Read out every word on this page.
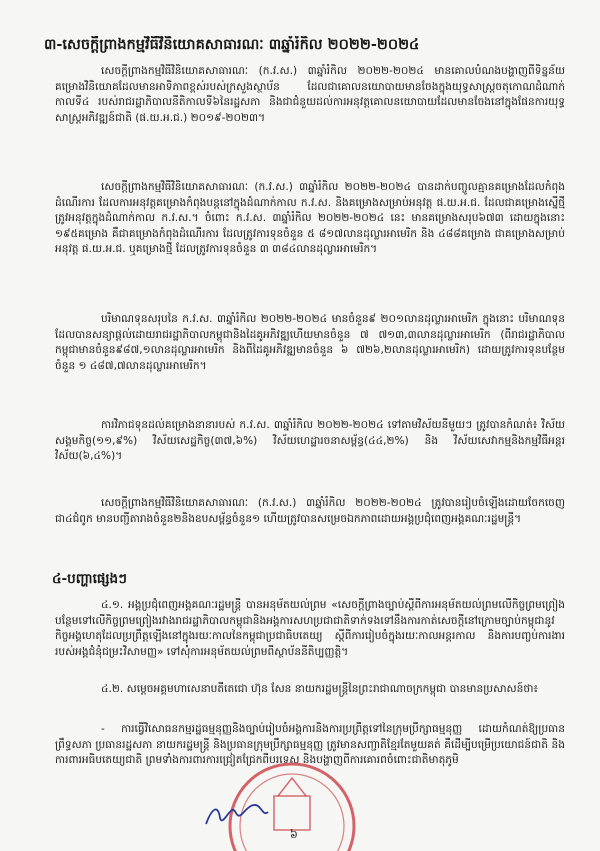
៣-សេចក្ដីព្រាងកម្មវិធីវិនិយោគសាធារណៈ ៣ឆ្នាំរំកិល ២០២២-២០២៤

សេចក្ដីព្រាងកម្មវិធីវិនិយោគសាធារណៈ (ក.វ.ស.) ៣ឆ្នាំរំកិល ២០២២-២០២៤ មានគោលបំណងបង្ហាញពីទិន្នន័យគម្រោងវិនិយោគដែលមានអាទិភាពខ្ពស់របស់ក្រសួងស្ថាប័ន ដែលជាគោលនយោបាយមានចែងក្នុងយុទ្ធសាស្ត្រចតុកោណដំណាក់កាលទី៤ របស់រាជរដ្ឋាភិបាលនីតិកាលទី៦នៃរដ្ឋសភា និងជាជំនួយដល់ការអនុវត្តគោលនយោបាយដែលមានចែងនៅក្នុងផែនការយុទ្ធសាស្ត្រអភិវឌ្ឍន៍ជាតិ (ផ.យ.អ.ជ.) ២០១៩-២០២៣។

សេចក្ដីព្រាងកម្មវិធីវិនិយោគសាធារណៈ (ក.វ.ស.) ៣ឆ្នាំរំកិល ២០២២-២០២៤ បានដាក់បញ្ចូលគ្មានគម្រោងដែលកំពុងដំណើរការ ដែលការអនុវត្តគម្រោងកំពុងបន្តនៅក្នុងដំណាក់កាល ក.វ.ស. និងគម្រោងសម្រាប់អនុវត្ត ផ.យ.អ.ជ. ដែលជាគម្រោងស្នើថ្មីត្រូវអនុវត្តក្នុងដំណាក់កាល ក.វ.ស.។ ចំពោះ ក.វ.ស. ៣ឆ្នាំរំកិល ២០២២-២០២៤ នេះ មានគម្រោងសរុប៦៧៣ ដោយក្នុងនោះ ១៩៥គម្រោង គឺជាគម្រោងកំពុងដំណើរការ ដែលត្រូវការទុនចំនួន ៥ ៨១៧លានដុល្លារអាមេរិក និង ៤៨៨គម្រោង ជាគម្រោងសម្រាប់អនុវត្ត ផ.យ.អ.ជ. ឬគម្រោងថ្មី ដែលត្រូវការទុនចំនួន ៣ ៣៨៤លានដុល្លារអាមេរិក។

បរិមាណទុនសរុបនៃ ក.វ.ស. ៣ឆ្នាំរំកិល ២០២២-២០២៤ មានចំនួន៩ ២០១លានដុល្លារអាមេរិក ក្នុងនោះ បរិមាណទុនដែលបានសន្យាផ្ដល់ដោយរាជរដ្ឋាភិបាលកម្ពុជានិងដៃគូអភិវឌ្ឍហើយមានចំនួន ៧ ៧១៣,៣លានដុល្លារអាមេរិក (ពីរាជរដ្ឋាភិបាលកម្ពុជាមានចំនួន៩៨៧,១លានដុល្លារអាមេរិក និងពីដៃគូអភិវឌ្ឍមានចំនួន ៦ ៧២៦,២លានដុល្លារអាមេរិក) ដោយត្រូវការទុនបន្ថែមចំនួន ១ ៤៨៧,៧លានដុល្លារអាមេរិក។

ការវិភាជទុនដល់គម្រោងនានារបស់ ក.វ.ស. ៣ឆ្នាំរំកិល ២០២២-២០២៤ ទៅតាមវិស័យនីមួយៗ ត្រូវបានកំណត់៖ វិស័យសង្គមកិច្ច(១១,៩%) វិស័យសេដ្ឋកិច្ច(៣៧,៦%) វិស័យហេដ្ឋារចនាសម្ព័ន្ធ(៤៤,២%) និង វិស័យសេវាកម្មនិងកម្មវិធីអន្តរវិស័យ(៦,៤%)។

សេចក្ដីព្រាងកម្មវិធីវិនិយោគសាធារណៈ (ក.វ.ស.) ៣ឆ្នាំរំកិល ២០២២-២០២៤ ត្រូវបានរៀបចំឡើងដោយចែកចេញជា៤ជំពូក មានបញ្ជីតារាងចំនួន២និងឧបសម្ព័ន្ធចំនួន១ ហើយត្រូវបានសម្រេចឯកភាពដោយអង្គប្រជុំពេញអង្គគណៈរដ្ឋមន្ត្រី។

៤-បញ្ហាផ្សេងៗ

៤.១. អង្គប្រជុំពេញអង្គគណៈរដ្ឋមន្ត្រី បានអនុម័តយល់ព្រម «សេចក្ដីព្រាងច្បាប់ស្ដីពីការអនុម័តយល់ព្រមលើកិច្ចព្រមព្រៀងបន្ថែមទៅលើកិច្ចព្រមព្រៀងរវាងរាជរដ្ឋាភិបាលកម្ពុជានិងអង្គការសហប្រជាជាតិទាក់ទងទៅនឹងការកាត់សេចក្ដីនៅក្រោមច្បាប់កម្ពុជានូវកិច្ចអង្គហេតុដែលប្រព្រឹត្តឡើងនៅក្នុងរយៈកាលនៃកម្ពុជាប្រជាធិបតេយ្យ ស្ដីពីការរៀបចំក្នុងរយៈកាលអន្តរកាល និងការបញ្ចប់ការងាររបស់អង្គជំនុំជម្រះវិសាមញ្ញ» ទៅសុំការអនុម័តយល់ព្រមពីស្ថាប័ននីតិប្បញ្ញត្តិ។

៤.២. សម្ដេចអគ្គមហាសេនាបតីតេជោ ហ៊ុន សែន នាយករដ្ឋមន្ត្រីនៃព្រះរាជាណាចក្រកម្ពុជា បានមានប្រសាសន៍ថា៖

- ការធ្វើវិសោធនកម្មរដ្ឋធម្មនុញ្ញនិងច្បាប់រៀបចំអង្គការនិងការប្រព្រឹត្តទៅនៃក្រុមប្រឹក្សាធម្មនុញ្ញ ដោយកំណត់ឱ្យប្រធានព្រឹទ្ធសភា ប្រធានរដ្ឋសភា នាយករដ្ឋមន្ត្រី និងប្រធានក្រុមប្រឹក្សាធម្មនុញ្ញ ត្រូវមានសញ្ជាតិខ្មែរតែមួយគត់ គឺដើម្បីបម្រើប្រយោជន៍ជាតិ និងការពារអធិបតេយ្យជាតិ ព្រមទាំងការពារការជ្រៀតជ្រែកពីបរទេស និងបង្ហាញពីការគោរពចំពោះជាតិមាតុភូមិ

៦
